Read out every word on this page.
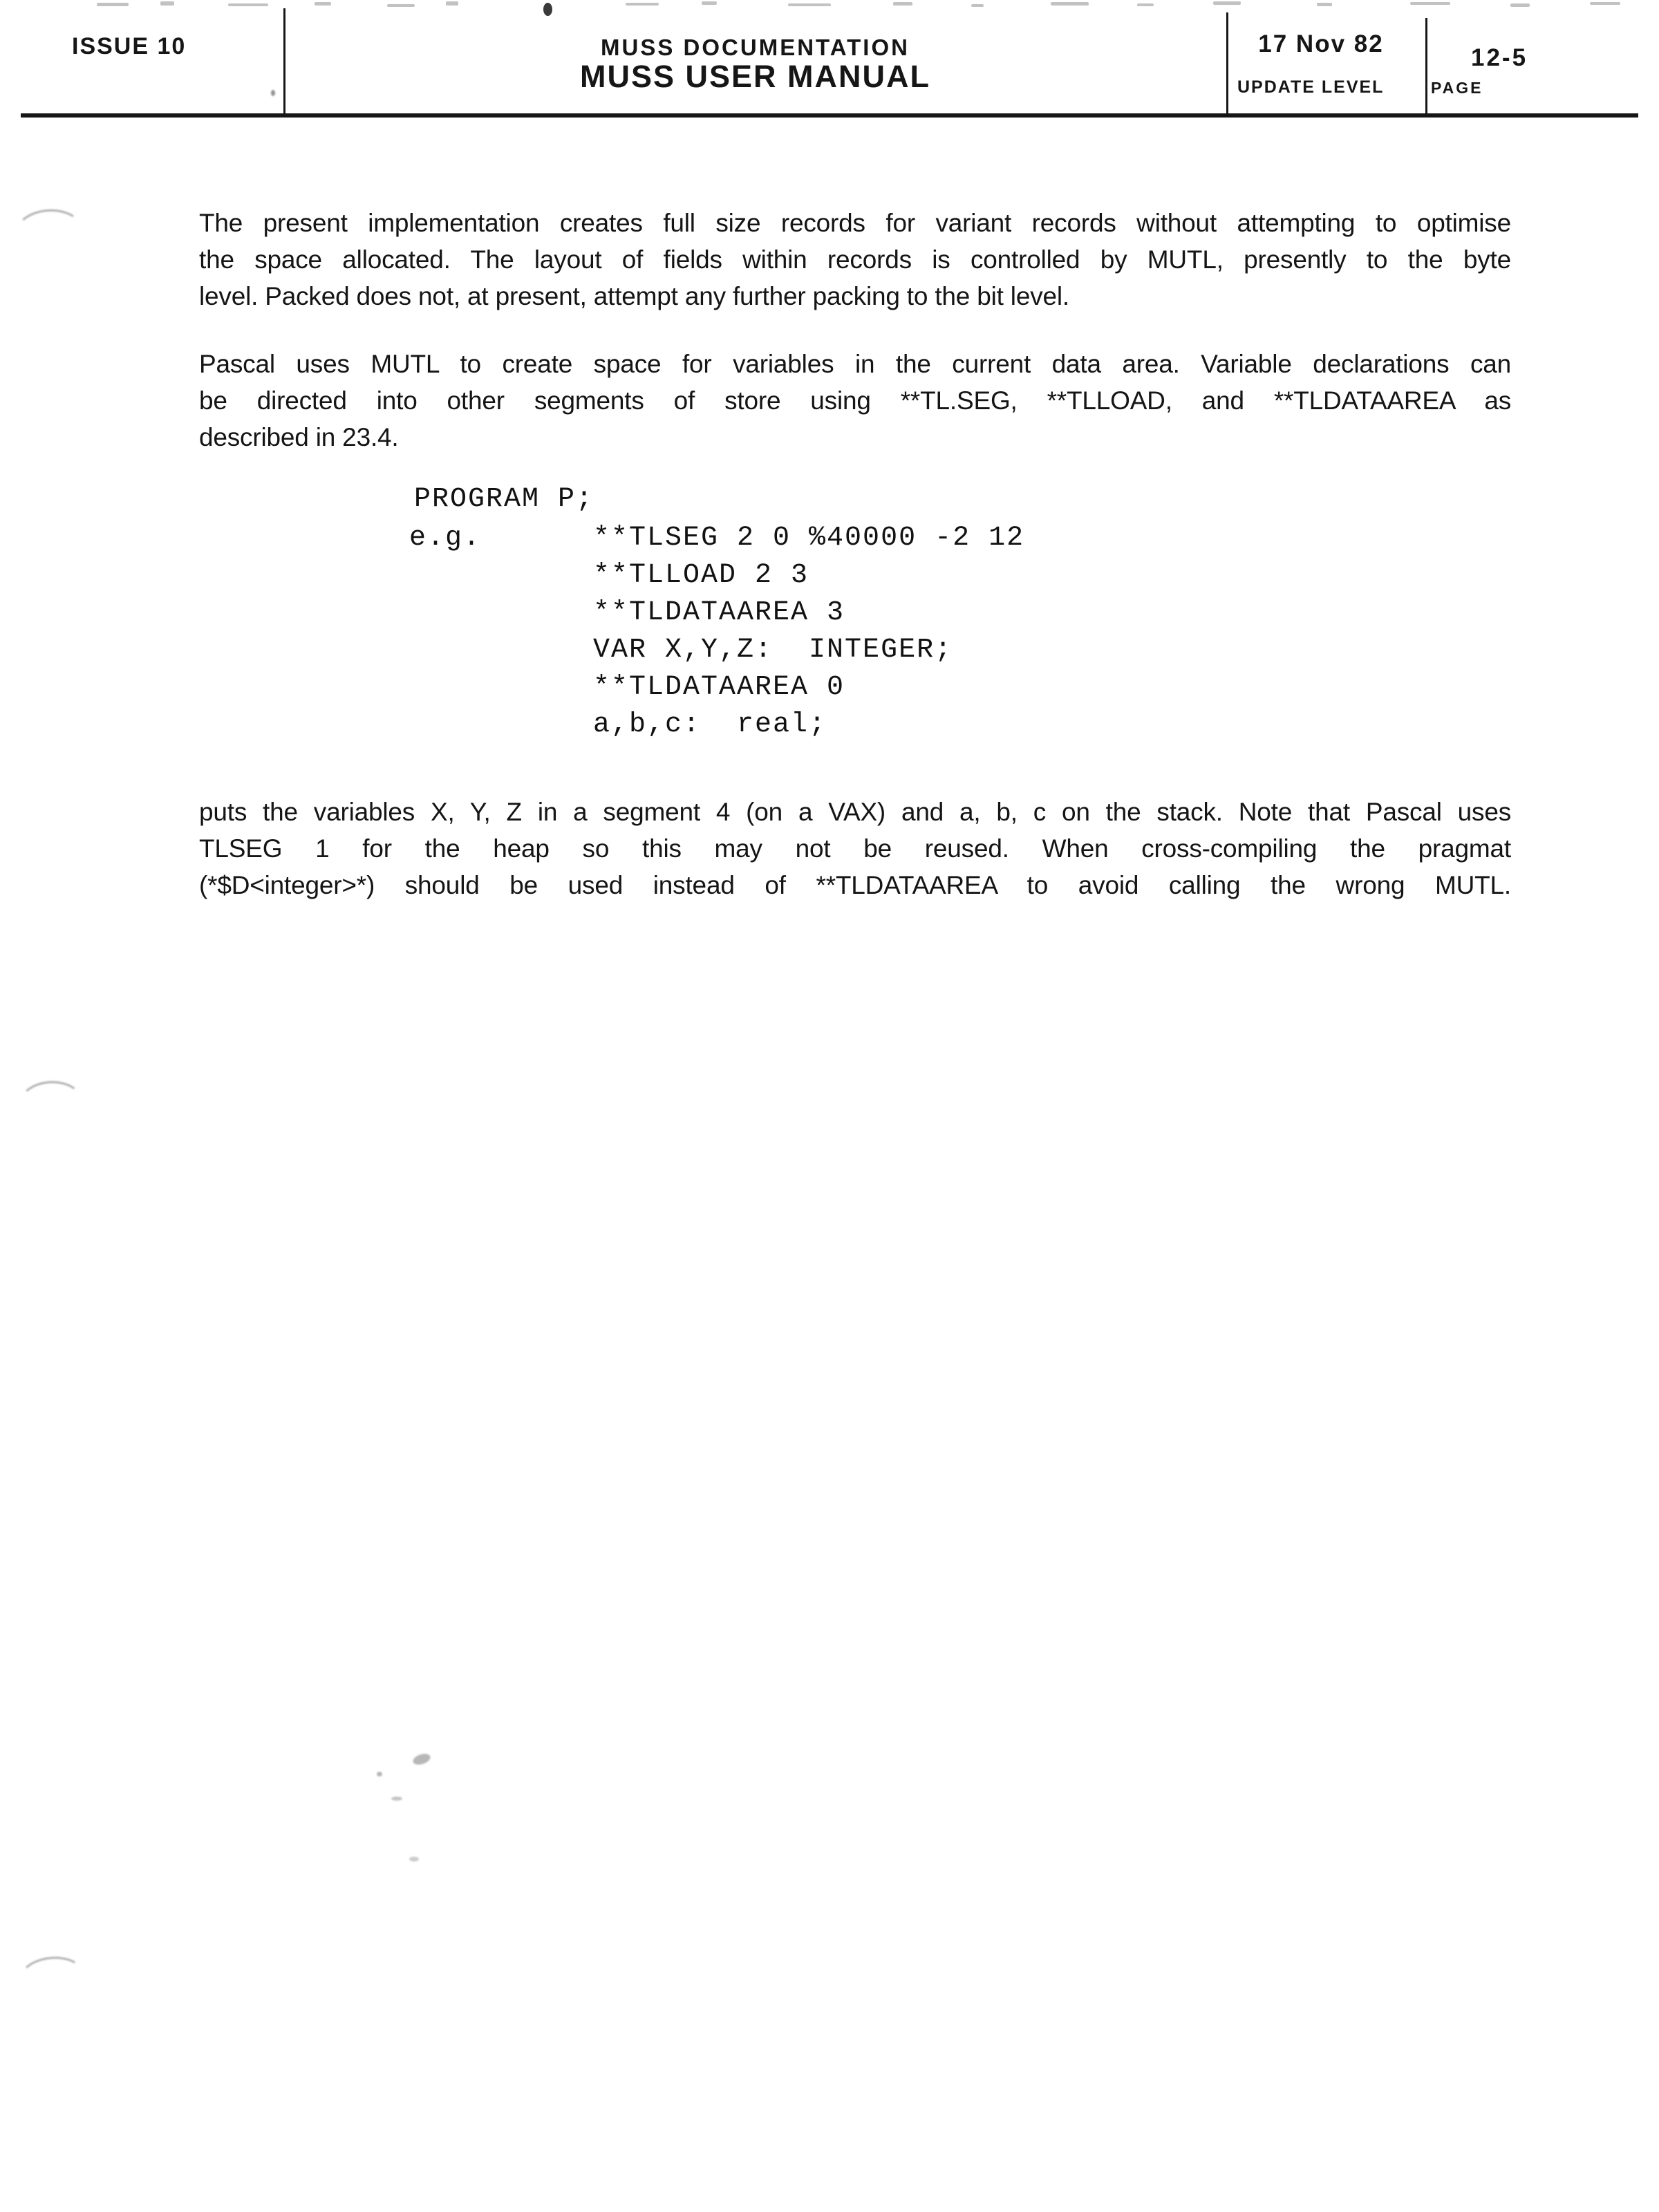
ISSUE 10	MUSS DOCUMENTATION
MUSS USER MANUAL
17 Nov 82
UPDATE LEVEL
12-5
PAGE
The present implementation creates full size records for variant records without attempting to optimise
the space allocated. The layout of fields within records is controlled by MUTL, presently to the byte
level. Packed does not, at present, attempt any further packing to the bit level.
Pascal uses MUTL to create space for variables in the current data area. Variable declarations can
be directed into other segments of store using **TL.SEG, **TLLOAD, and **TLDATAAREA as
described in 23.4.
PROGRAM P;
e.g.	**TLSEG 2 0 %40000 -2 12
**TLLOAD 2 3
**TLDATAAREA 3
VAR X,Y,Z:  INTEGER;
**TLDATAAREA 0
a,b,c:  real;
puts the variables X, Y, Z in a segment 4 (on a VAX) and a, b, c on the stack. Note that Pascal uses
TLSEG 1 for the heap so this may not be reused. When cross-compiling the pragmat
(*$D<integer>*) should be used instead of **TLDATAAREA to avoid calling the wrong MUTL.
